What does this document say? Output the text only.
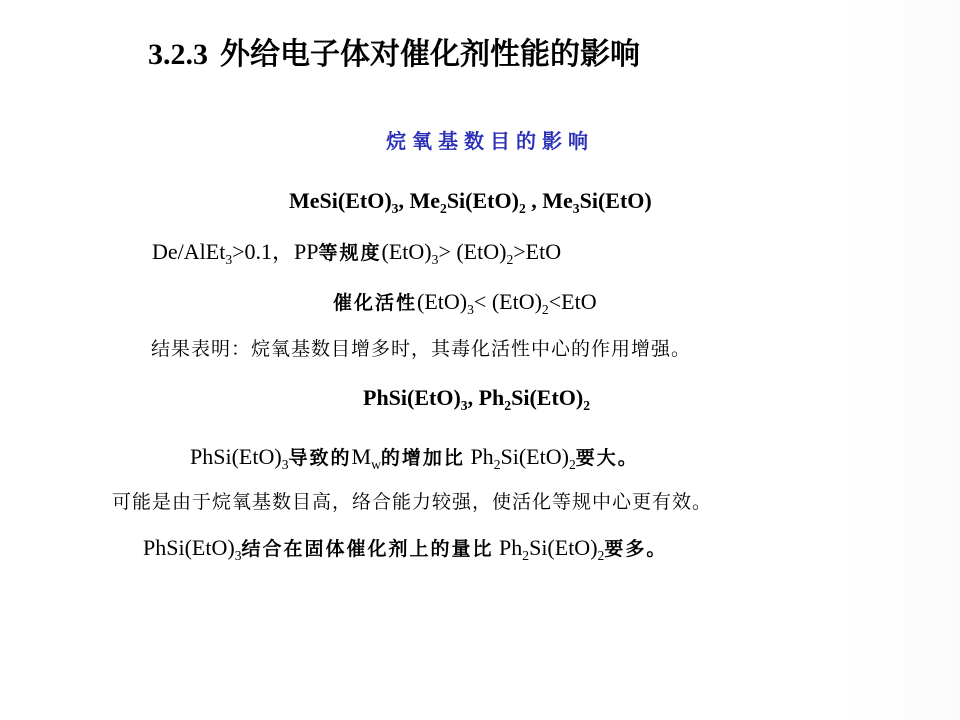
3.2.3 外给电子体对催化剂性能的影响
烷氧基数目的影响
$MeSi(EtO)_3$, $Me_2Si(EtO)_2$ , $Me_3Si(EtO)$
De/AlEt$_3$>0.1，PP等规度$(EtO)_3> (EtO)_2>EtO$
催化活性$(EtO)_3< (EtO)_2<EtO$
结果表明：烷氧基数目增多时，其毒化活性中心的作用增强。
$PhSi(EtO)_3$, $Ph_2Si(EtO)_2$
$PhSi(EtO)_3$导致的$M_w$的增加比 $Ph_2Si(EtO)_2$要大。
可能是由于烷氧基数目高，络合能力较强，使活化等规中心更有效。
$PhSi(EtO)_3$结合在固体催化剂上的量比 $Ph_2Si(EtO)_2$要多。
